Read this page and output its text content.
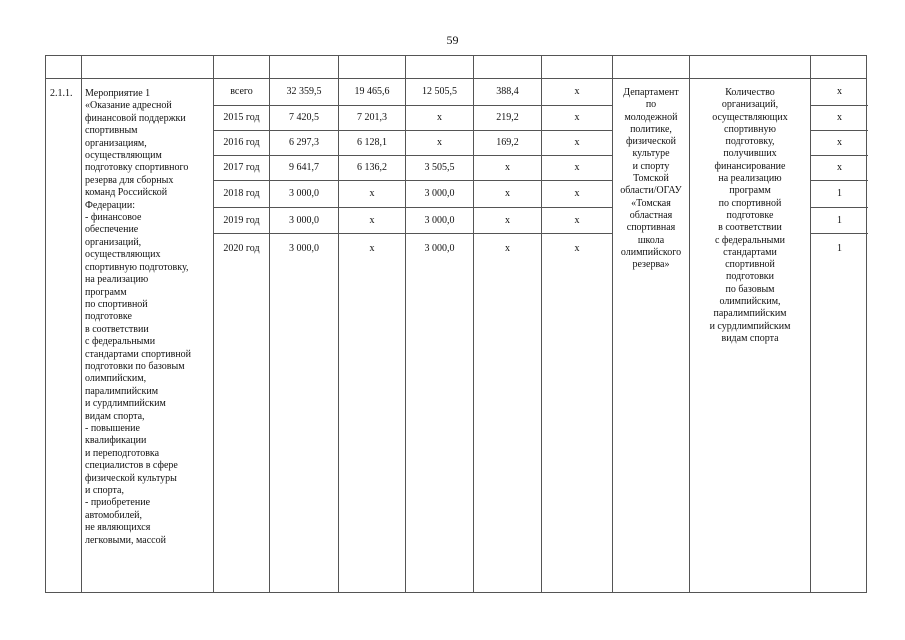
59
2.1.1. Мероприятие 1
«Оказание адресной
финансовой поддержки
спортивным
организациям,
осуществляющим
подготовку спортивного
резерва для сборных
команд Российской
Федерации:
- финансовое
обеспечение
организаций,
осуществляющих
спортивную подготовку,
на реализацию
программ
по спортивной
подготовке
в соответствии
с федеральными
стандартами спортивной
подготовки по базовым
олимпийским,
паралимпийским
и сурдлимпийским
видам спорта,
- повышение
квалификации
и переподготовка
специалистов в сфере
физической культуры
и спорта,
- приобретение
автомобилей,
не являющихся
легковыми, массой
всего	32 359,5	19 465,6	12 505,5	388,4	x	x
2015 год	7 420,5	7 201,3	x	219,2	x	x
2016 год	6 297,3	6 128,1	x	169,2	x	x
2017 год	9 641,7	6 136,2	3 505,5	x	x	x
2018 год	3 000,0	x	3 000,0	x	x	1
2019 год	3 000,0	x	3 000,0	x	x	1
2020 год	3 000,0	x	3 000,0	x	x	1
Департамент
по
молодежной
политике,
физической
культуре
и спорту
Томской
области/ОГАУ
«Томская
областная
спортивная
школа
олимпийского
резерва»
Количество
организаций,
осуществляющих
спортивную
подготовку,
получивших
финансирование
на реализацию
программ
по спортивной
подготовке
в соответствии
с федеральными
стандартами
спортивной
подготовки
по базовым
олимпийским,
паралимпийским
и сурдлимпийским
видам спорта
